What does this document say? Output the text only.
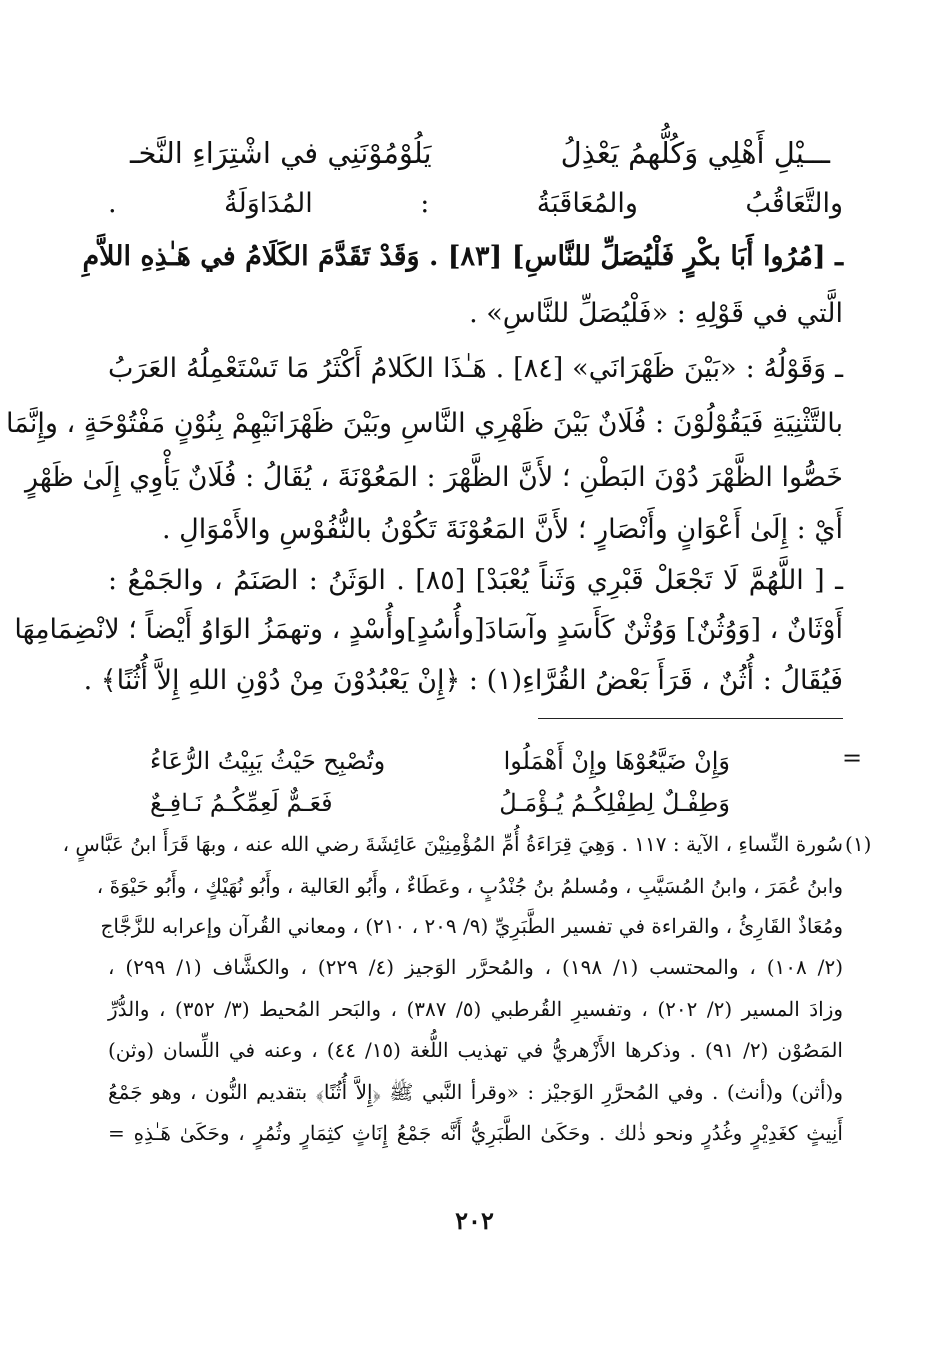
يَلُوْمُوْنَنِي في اشْتِرَاءِ النَّخـ	ـــيْلِ أَهْلِي وَكُلُّهمُ يَعْذِلُ
والتَّعَاقُبُ والمُعَاقَبَةُ : المُدَاوَلَةُ .
ـ [مُرُوا أَبَا بكْرٍ فَلْيُصَلِّ للنَّاسِ] [٨٣] . وَقَدْ تَقَدَّمَ الكَلَامُ في هَـٰذِهِ اللاَّمِ
الَّتي في قَوْلِهِ : «فَلْيُصَلِّ للنَّاسِ» .
ـ وَقَوْلُهُ : «بَيْنَ ظَهْرَانَي» [٨٤] . هَـٰذَا الكَلامُ أَكْثَرُ مَا تَسْتَعْمِلُهُ العَرَبُ
بالتَّثْنِيَةِ فَيَقُوْلُوْنَ : فُلَانٌ بَيْنَ ظَهْرِي النَّاسِ وبَيْنَ ظَهْرَانَيْهِمْ بِنُوْنٍ مَفْتُوْحَةٍ ، وإِنَّمَا
خَصُّوا الظَّهْرَ دُوْنَ البَطْنِ ؛ لأَنَّ الظَّهْرَ : المَعُوْنَةَ ، يُقَالُ : فُلَانٌ يَأْوِي إِلَىٰ ظَهْرٍ
أَيْ : إِلَىٰ أَعْوَانٍ وأَنْصَارٍ ؛ لأَنَّ المَعُوْنَةَ تَكُوْنُ بالنُّفُوْسِ والأَمْوَالِ .
ـ [ اللَّهُمَّ لَا تَجْعَلْ قَبْرِي وَثَناً يُعْبَدْ] [٨٥] . الوَثَنُ : الصَنَمُ ، والجَمْعُ :
أَوْثَانٌ ، [وَوُثُنٌ] وَوُثْنٌ كَأَسَدٍ وآسَادَ[وأُسُدٍ]وأُسْدٍ ، وتهمَزُ الوَاوُ أَيْضاً ؛ لانْضِمَامِهَا
فَيُقَالُ : أُثُنٌ ، قَرَأَ بَعْضُ القُرَّاءِ(١) : ﴿إِنْ يَعْبُدُوْنَ مِنْ دُوْنِ اللهِ إِلاَّ أُثُنًا﴾ .
=
وتُصْبِح حَيْثُ يَبِيْتُ الرُّعَاءُ	وَإِنْ ضَيَّعُوْهَا وإِنْ أَهْمَلُوا
فَعَـمٌّ لَعِمِّكُـمُ نَـافِـعٌ	وَطِفْـلٌ لِطِفْلِكُـمُ يُـؤْمَـلُ
(١)
سُورة النِّساءِ ، الآية : ١١٧ . وَهِيَ قِرَاءَةُ أُمِّ المُؤْمِنِيْنَ عَائِشَةَ رضي الله عنه ، وبهَا قَرَأَ ابنُ عَبَّاسٍ ،
وابنُ عُمَرَ ، وابنُ المُسَيَّبِ ، ومُسلمُ بنُ جُنْدُبٍ ، وعَطَاءٌ ، وأَبُو العَالية ، وأَبُو نُهَيْكٍ ، وأَبُو حَيْوَةَ ،
ومُعَاذٌ القَارِئُ ، والقراءة في تفسير الطَّبَرِيِّ (٩/ ٢٠٩ ، ٢١٠) ، ومعاني القُرآن وإعرابه للزَّجَّاج
(٢/ ١٠٨) ، والمحتسب (١/ ١٩٨) ، والمُحرَّر الوَجيز (٤/ ٢٢٩) ، والكشَّاف (١/ ٢٩٩) ،
وزادَ المسير (٢/ ٢٠٢) ، وتفسيرِ القُرطبي (٥/ ٣٨٧) ، والبَحر المُحيط (٣/ ٣٥٢) ، والدُّرِّ
المَصُوْن (٢/ ٩١) . وذكرها الأَزْهريُّ في تهذيب اللُّغة (١٥/ ٤٤) ، وعنه في اللِّسان (وثن)
و(أثن) و(أنث) . وفي المُحرَّرِ الوَجيْز : «وقرأ النَّبي ﷺ ﴿إِلاَّ أُثُنًا﴾ بتقديم النُّون ، وهو جَمْعُ
أَنِيثٍ كغَدِيْرٍ وغُدُرٍ ونحو ذٰلك . وحَكَىٰ الطَّبَرِيُّ أَنَّه جَمْعُ إِنَاثٍ كثِمَارٍ وثُمُرٍ ، وحَكَىٰ هَـٰذِهِ =
٢٠٢
